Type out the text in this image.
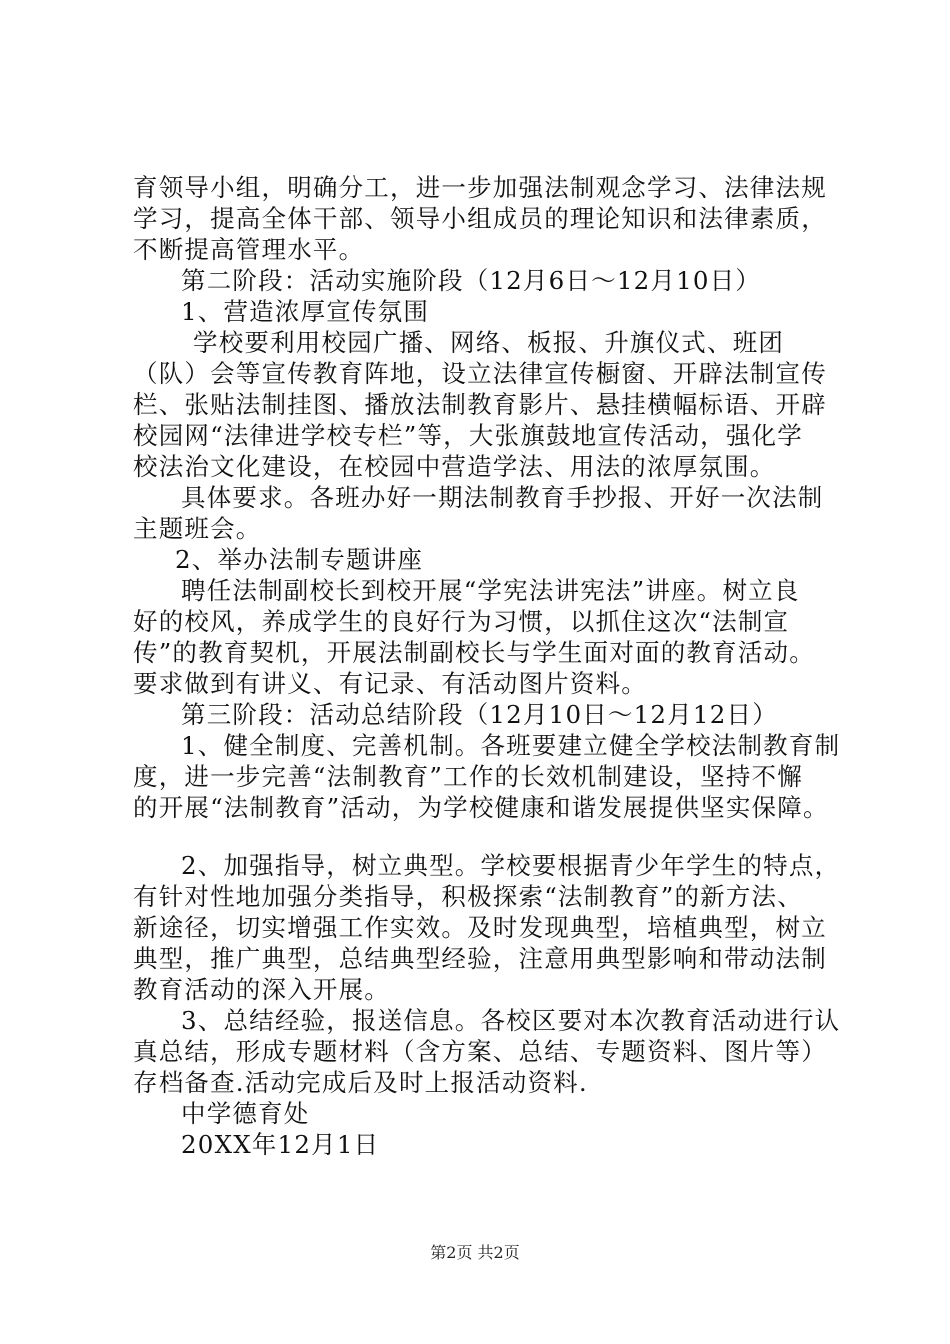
育领导小组，明确分工，进一步加强法制观念学习、法律法规
学习，提高全体干部、领导小组成员的理论知识和法律素质，
不断提高管理水平。
第二阶段：活动实施阶段（12月6日～12月10日）
1、营造浓厚宣传氛围
学校要利用校园广播、网络、板报、升旗仪式、班团
（队）会等宣传教育阵地，设立法律宣传橱窗、开辟法制宣传
栏、张贴法制挂图、播放法制教育影片、悬挂横幅标语、开辟
校园网“法律进学校专栏”等，大张旗鼓地宣传活动，强化学
校法治文化建设，在校园中营造学法、用法的浓厚氛围。
具体要求。各班办好一期法制教育手抄报、开好一次法制
主题班会。
2、举办法制专题讲座
聘任法制副校长到校开展“学宪法讲宪法”讲座。树立良
好的校风，养成学生的良好行为习惯，以抓住这次“法制宣
传”的教育契机，开展法制副校长与学生面对面的教育活动。
要求做到有讲义、有记录、有活动图片资料。
第三阶段：活动总结阶段（12月10日～12月12日）
1、健全制度、完善机制。各班要建立健全学校法制教育制
度，进一步完善“法制教育”工作的长效机制建设，坚持不懈
的开展“法制教育”活动，为学校健康和谐发展提供坚实保障。
2、加强指导，树立典型。学校要根据青少年学生的特点，
有针对性地加强分类指导，积极探索“法制教育”的新方法、
新途径，切实增强工作实效。及时发现典型，培植典型，树立
典型，推广典型，总结典型经验，注意用典型影响和带动法制
教育活动的深入开展。
3、总结经验，报送信息。各校区要对本次教育活动进行认
真总结，形成专题材料（含方案、总结、专题资料、图片等）
存档备查.活动完成后及时上报活动资料.
中学德育处
20XX年12月1日
第2页 共2页
